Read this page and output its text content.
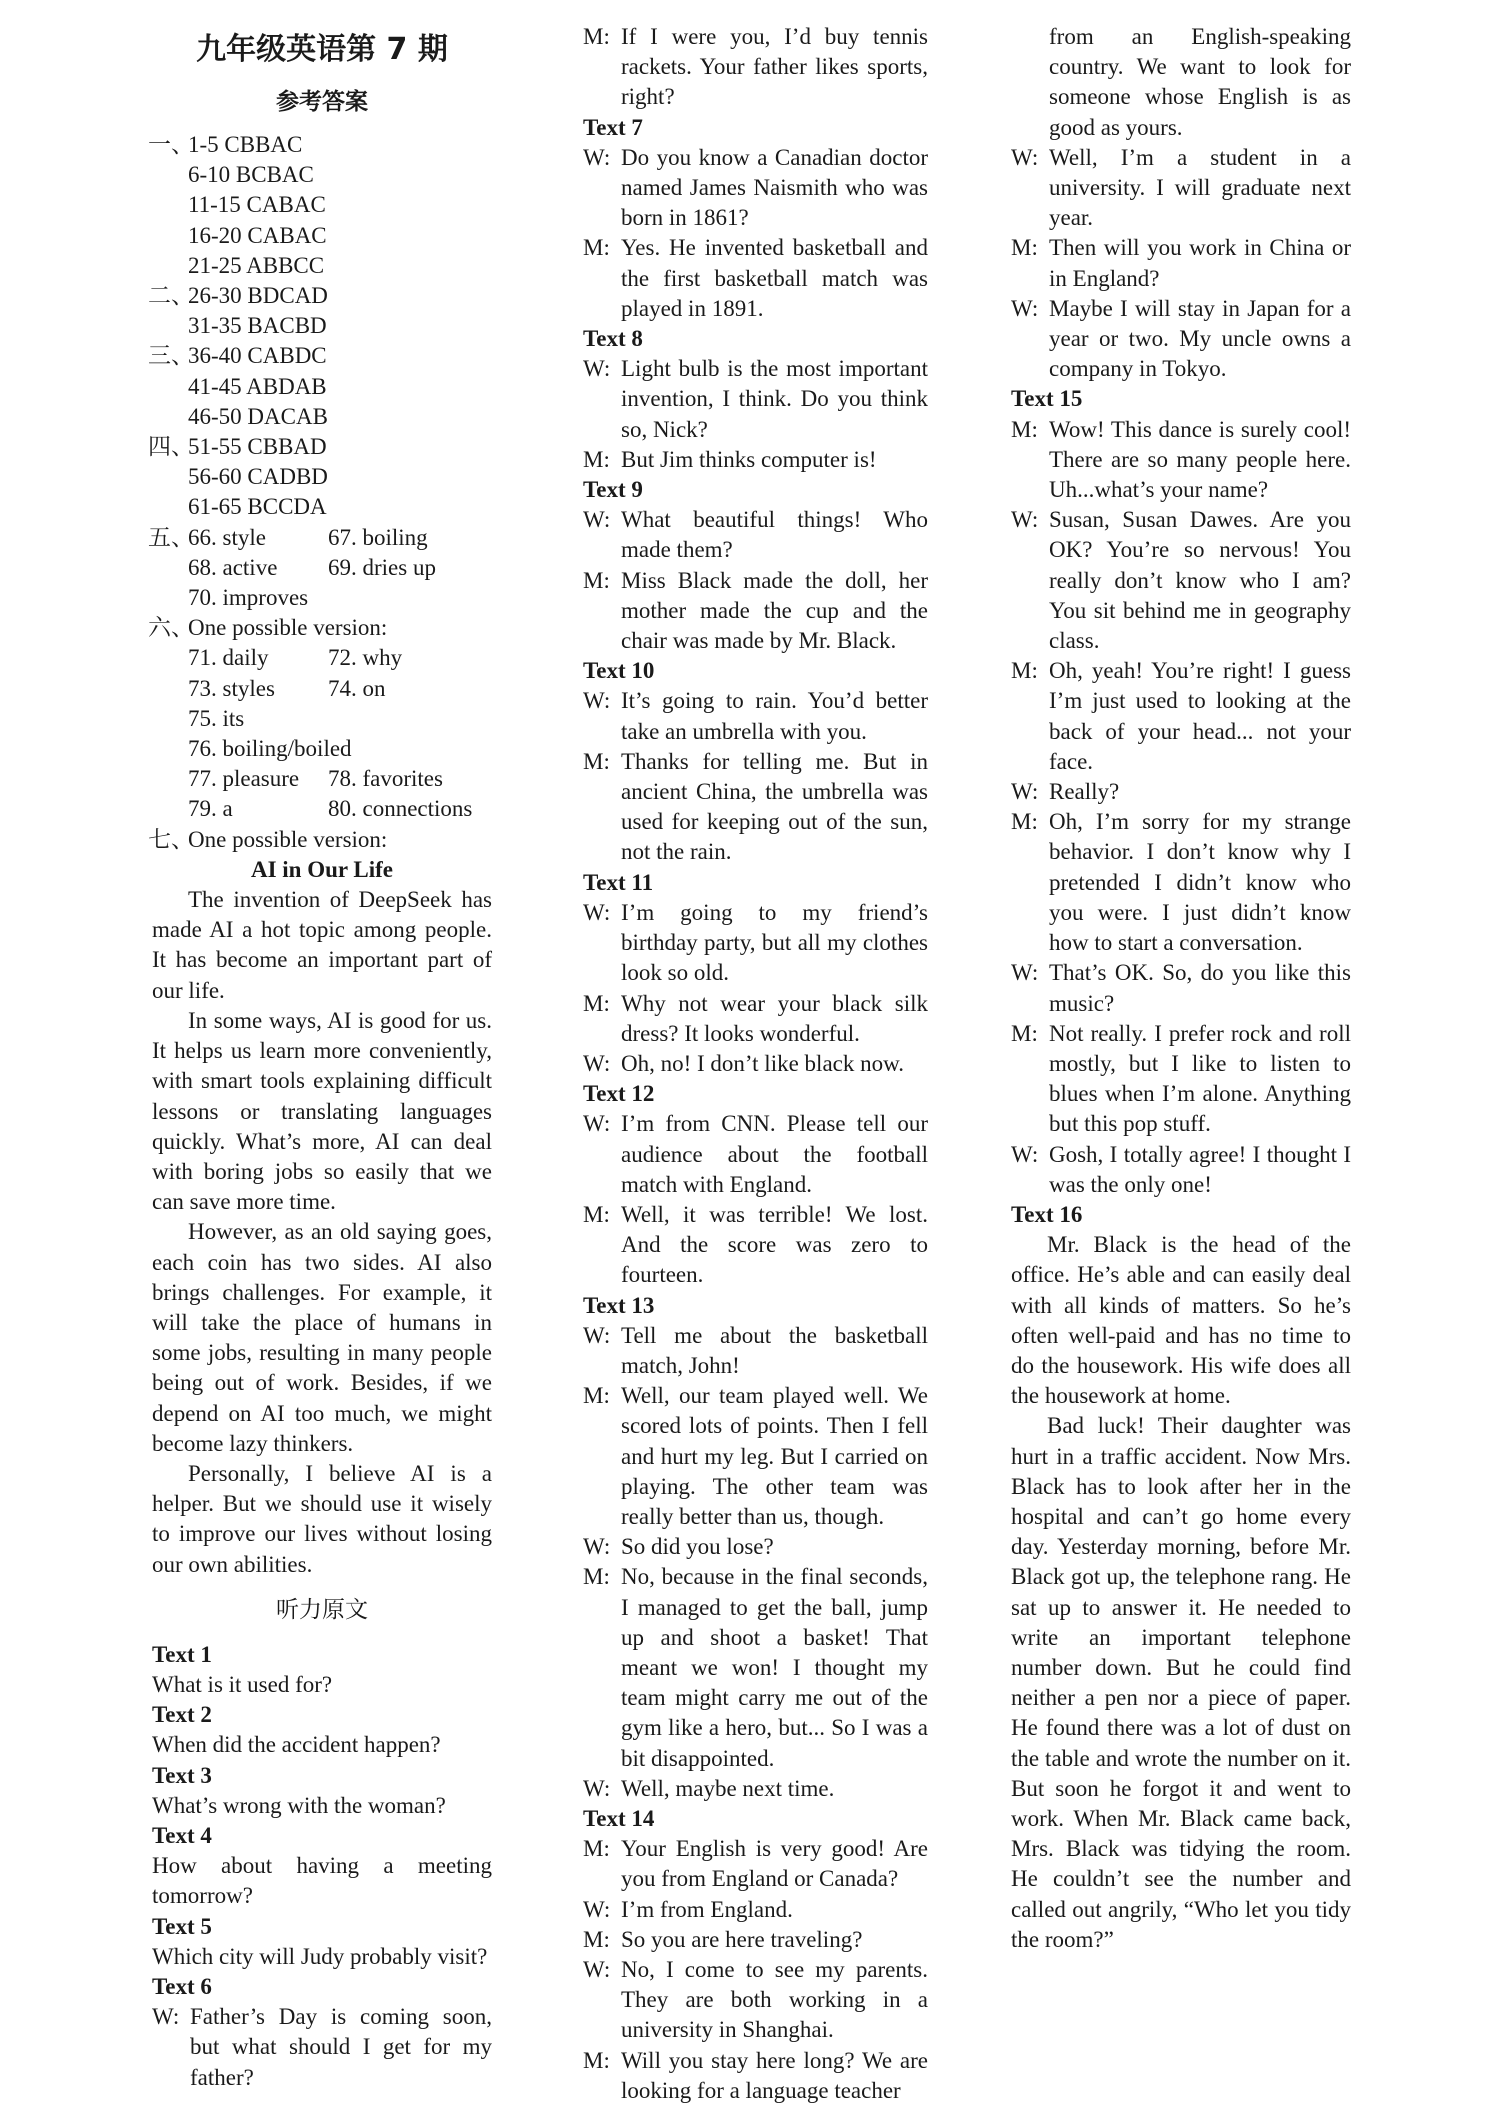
九年级英语第 7 期
参考答案
一、1-5 CBBAC
6-10 BCBAC
11-15 CABAC
16-20 CABAC
21-25 ABBCC
二、26-30 BDCAD
31-35 BACBD
三、36-40 CABDC
41-45 ABDAB
46-50 DACAB
四、51-55 CBBAD
56-60 CADBD
61-65 BCCDA
五、66. style	67. boiling
68. active 69. dries up
70. improves
六、One possible version:
71. daily	72. why
73. styles 74. on
75. its
76. boiling/boiled
77. pleasure 78. favorites
79. a	80. connections
七、One possible version:
AI in Our Life
The invention of DeepSeek has made AI a hot topic among people. It has become an important part of our life.
In some ways, AI is good for us. It helps us learn more conveniently, with smart tools explaining difficult lessons or translating languages quickly. What’s more, AI can deal with boring jobs so easily that we can save more time.
However, as an old saying goes, each coin has two sides. AI also brings challenges. For example, it will take the place of humans in some jobs, resulting in many people being out of work. Besides, if we depend on AI too much, we might become lazy thinkers.
Personally, I believe AI is a helper. But we should use it wisely to improve our lives without losing our own abilities.
听力原文
Text 1
What is it used for?
Text 2
When did the accident happen?
Text 3
What’s wrong with the woman?
Text 4
How about having a meeting tomorrow?
Text 5
Which city will Judy probably visit?
Text 6
W: Father’s Day is coming soon, but what should I get for my father?
M: If I were you, I’d buy tennis rackets. Your father likes sports, right?
Text 7
W: Do you know a Canadian doctor named James Naismith who was born in 1861?
M: Yes. He invented basketball and the first basketball match was played in 1891.
Text 8
W: Light bulb is the most important invention, I think. Do you think so, Nick?
M: But Jim thinks computer is!
Text 9
W: What beautiful things! Who made them?
M: Miss Black made the doll, her mother made the cup and the chair was made by Mr. Black.
Text 10
W: It’s going to rain. You’d better take an umbrella with you.
M: Thanks for telling me. But in ancient China, the umbrella was used for keeping out of the sun, not the rain.
Text 11
W: I’m going to my friend’s birthday party, but all my clothes look so old.
M: Why not wear your black silk dress? It looks wonderful.
W: Oh, no! I don’t like black now.
Text 12
W: I’m from CNN. Please tell our audience about the football match with England.
M: Well, it was terrible! We lost. And the score was zero to fourteen.
Text 13
W: Tell me about the basketball match, John!
M: Well, our team played well. We scored lots of points. Then I fell and hurt my leg. But I carried on playing. The other team was really better than us, though.
W: So did you lose?
M: No, because in the final seconds, I managed to get the ball, jump up and shoot a basket! That meant we won! I thought my team might carry me out of the gym like a hero, but... So I was a bit disappointed.
W: Well, maybe next time.
Text 14
M: Your English is very good! Are you from England or Canada?
W: I’m from England.
M: So you are here traveling?
W: No, I come to see my parents. They are both working in a university in Shanghai.
M: Will you stay here long? We are looking for a language teacher
from an English-speaking country. We want to look for someone whose English is as good as yours.
W: Well, I’m a student in a university. I will graduate next year.
M: Then will you work in China or in England?
W: Maybe I will stay in Japan for a year or two. My uncle owns a company in Tokyo.
Text 15
M: Wow! This dance is surely cool! There are so many people here. Uh...what’s your name?
W: Susan, Susan Dawes. Are you OK? You’re so nervous! You really don’t know who I am? You sit behind me in geography class.
M: Oh, yeah! You’re right! I guess I’m just used to looking at the back of your head... not your face.
W: Really?
M: Oh, I’m sorry for my strange behavior. I don’t know why I pretended I didn’t know who you were. I just didn’t know how to start a conversation.
W: That’s OK. So, do you like this music?
M: Not really. I prefer rock and roll mostly, but I like to listen to blues when I’m alone. Anything but this pop stuff.
W: Gosh, I totally agree! I thought I was the only one!
Text 16
Mr. Black is the head of the office. He’s able and can easily deal with all kinds of matters. So he’s often well-paid and has no time to do the housework. His wife does all the housework at home.
Bad luck! Their daughter was hurt in a traffic accident. Now Mrs. Black has to look after her in the hospital and can’t go home every day. Yesterday morning, before Mr. Black got up, the telephone rang. He sat up to answer it. He needed to write an important telephone number down. But he could find neither a pen nor a piece of paper. He found there was a lot of dust on the table and wrote the number on it. But soon he forgot it and went to work. When Mr. Black came back, Mrs. Black was tidying the room. He couldn’t see the number and called out angrily, “Who let you tidy the room?”
